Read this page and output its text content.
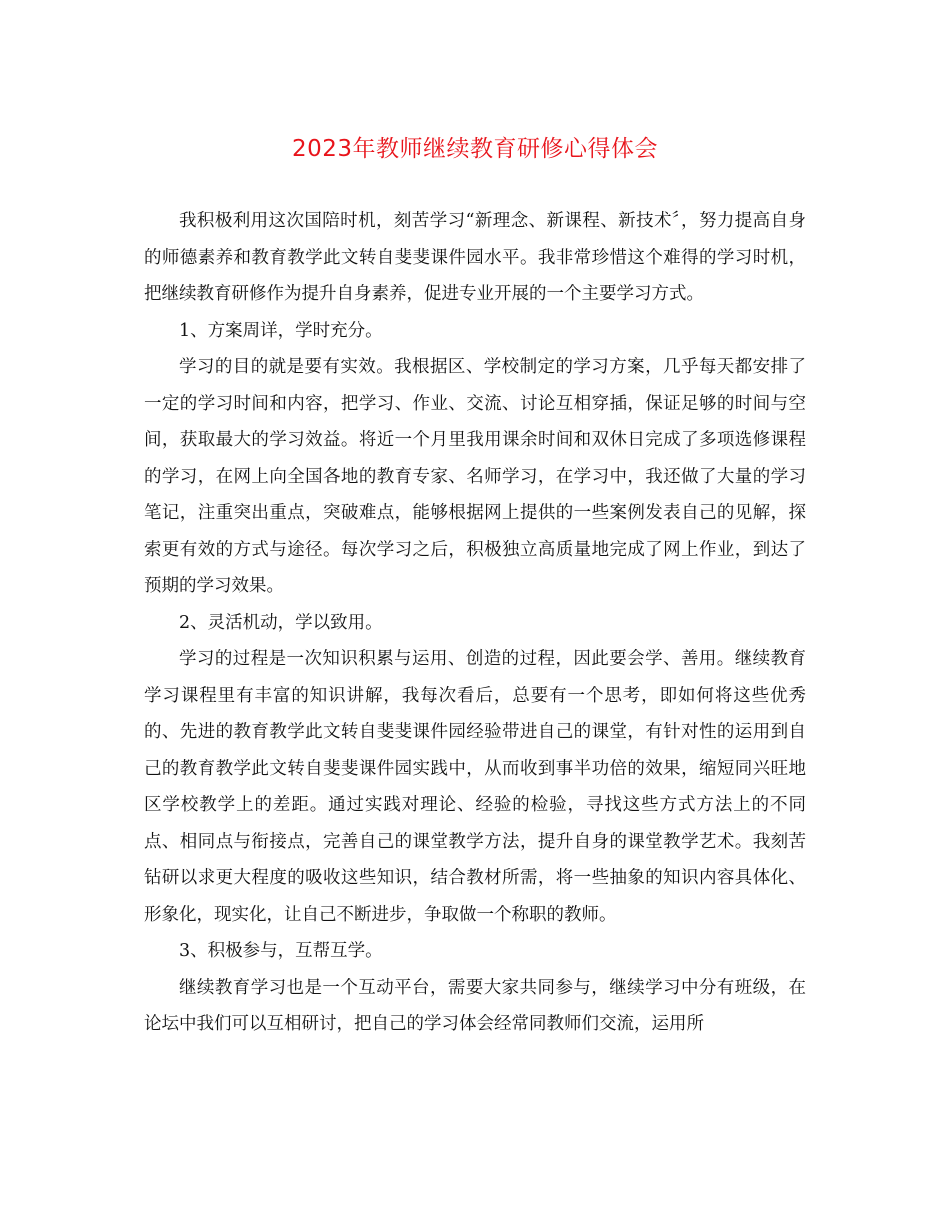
2023年教师继续教育研修心得体会

我积极利用这次国陪时机，刻苦学习“新理念、新课程、新技术〞，努力提高自身的师德素养和教育教学此文转自斐斐课件园水平。我非常珍惜这个难得的学习时机，把继续教育研修作为提升自身素养，促进专业开展的一个主要学习方式。

1、方案周详，学时充分。

学习的目的就是要有实效。我根据区、学校制定的学习方案，几乎每天都安排了一定的学习时间和内容，把学习、作业、交流、讨论互相穿插，保证足够的时间与空间，获取最大的学习效益。将近一个月里我用课余时间和双休日完成了多项选修课程的学习，在网上向全国各地的教育专家、名师学习，在学习中，我还做了大量的学习笔记，注重突出重点，突破难点，能够根据网上提供的一些案例发表自己的见解，探索更有效的方式与途径。每次学习之后，积极独立高质量地完成了网上作业，到达了预期的学习效果。

2、灵活机动，学以致用。

学习的过程是一次知识积累与运用、创造的过程，因此要会学、善用。继续教育学习课程里有丰富的知识讲解，我每次看后，总要有一个思考，即如何将这些优秀的、先进的教育教学此文转自斐斐课件园经验带进自己的课堂，有针对性的运用到自己的教育教学此文转自斐斐课件园实践中，从而收到事半功倍的效果，缩短同兴旺地区学校教学上的差距。通过实践对理论、经验的检验，寻找这些方式方法上的不同点、相同点与衔接点，完善自己的课堂教学方法，提升自身的课堂教学艺术。我刻苦钻研以求更大程度的吸收这些知识，结合教材所需，将一些抽象的知识内容具体化、形象化，现实化，让自己不断进步，争取做一个称职的教师。

3、积极参与，互帮互学。

继续教育学习也是一个互动平台，需要大家共同参与，继续学习中分有班级，在论坛中我们可以互相研讨，把自己的学习体会经常同教师们交流，运用所
